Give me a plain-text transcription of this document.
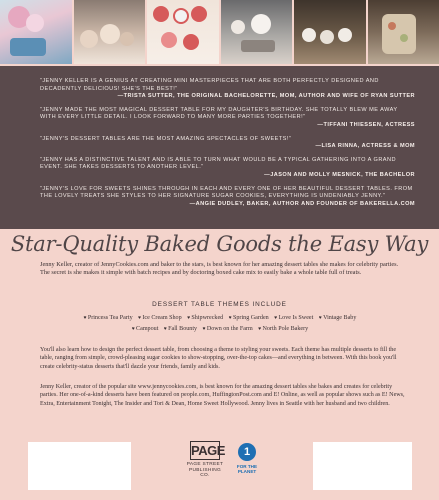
“JENNY KELLER IS A GENIUS AT CREATING MINI MASTERPIECES THAT ARE BOTH PERFECTLY DESIGNED AND DECADENTLY DELICIOUS! SHE'S THE BEST!”
—TRISTA SUTTER, THE ORIGINAL BACHELORETTE, MOM, AUTHOR AND WIFE OF RYAN SUTTER
“JENNY MADE THE MOST MAGICAL DESSERT TABLE FOR MY DAUGHTER'S BIRTHDAY. SHE TOTALLY BLEW ME AWAY WITH EVERY LITTLE DETAIL. I LOOK FORWARD TO MANY MORE PARTIES TOGETHER!”
—TIFFANI THIESSEN, ACTRESS
“JENNY'S DESSERT TABLES ARE THE MOST AMAZING SPECTACLES OF SWEETS!”
—LISA RINNA, ACTRESS & MOM
“JENNY HAS A DISTINCTIVE TALENT AND IS ABLE TO TURN WHAT WOULD BE A TYPICAL GATHERING INTO A GRAND EVENT. SHE TAKES DESSERTS TO ANOTHER LEVEL.”
—JASON AND MOLLY MESNICK, THE BACHELOR
“JENNY'S LOVE FOR SWEETS SHINES THROUGH IN EACH AND EVERY ONE OF HER BEAUTIFUL DESSERT TABLES. FROM THE LOVELY TREATS SHE STYLES TO HER SIGNATURE SUGAR COOKIES, EVERYTHING IS UNDENIABLY JENNY.”
—ANGIE DUDLEY, BAKER, AUTHOR AND FOUNDER OF BAKERELLA.COM
Star-Quality Baked Goods the Easy Way
Jenny Keller, creator of JennyCookies.com and baker to the stars, is best known for her amazing dessert tables she makes for celebrity parties. The secret is she makes it simple with batch recipes and by doctoring boxed cake mix to easily bake a whole table full of treats.
DESSERT TABLE THEMES INCLUDE
♥ Princess Tea Party ♥ Ice Cream Shop ♥ Shipwrecked ♥ Spring Garden ♥ Love Is Sweet ♥ Vintage Baby ♥ Campout ♥ Fall Bounty ♥ Down on the Farm ♥ North Pole Bakery
You'll also learn how to design the perfect dessert table, from choosing a theme to styling your sweets. Each theme has multiple desserts to fill the table, ranging from simple, crowd-pleasing sugar cookies to show-stopping, over-the-top cakes—and everything in between. With this book you'll create celebrity-status desserts that'll dazzle your friends, family and kids.
Jenny Keller, creator of the popular site www.jennycookies.com, is best known for the amazing dessert tables she bakes and creates for celebrity parties. Her one-of-a-kind desserts have been featured on people.com, HuffingtonPost.com and E! Online, as well as popular shows such as E! News, Extra, Entertainment Tonight, The Insider and Tori & Dean, Home Sweet Hollywood. Jenny lives in Seattle with her husband and two children.
PAGE
PAGE STREET PUBLISHING CO.
1
FOR THE PLANET
